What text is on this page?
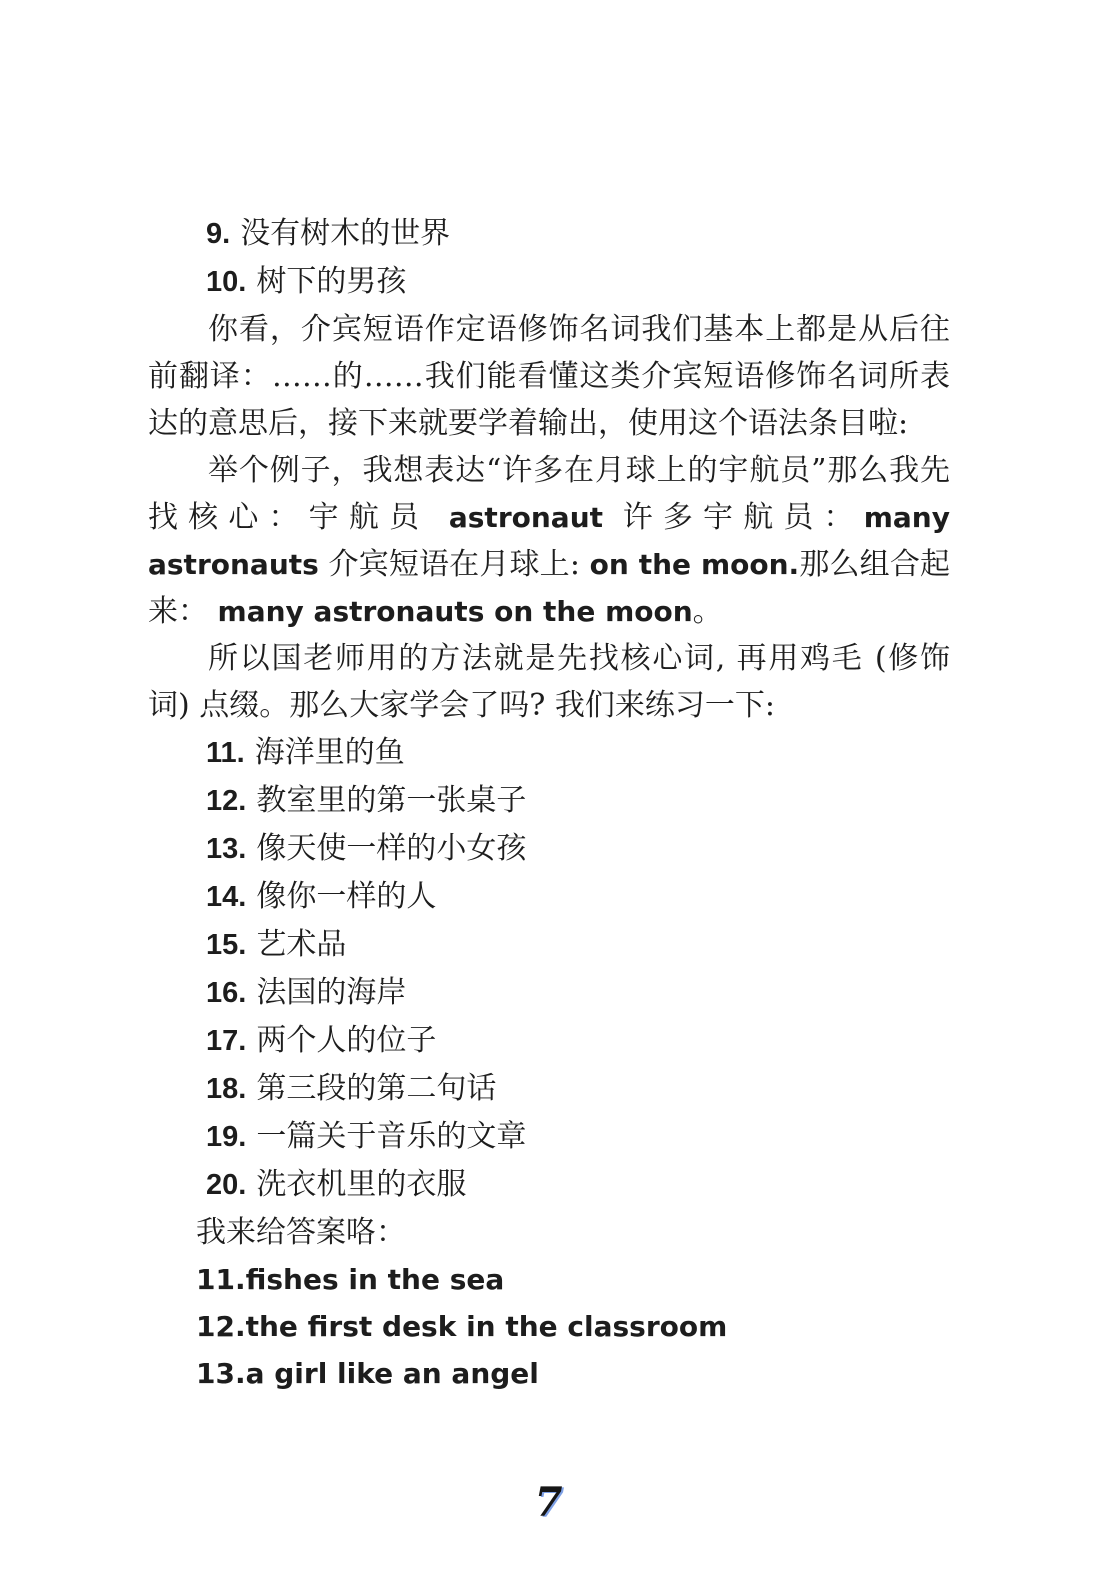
9. 没有树木的世界
10. 树下的男孩

你看，介宾短语作定语修饰名词我们基本上都是从后往前翻译：……的……我们能看懂这类介宾短语修饰名词所表达的意思后，接下来就要学着输出，使用这个语法条目啦:

举个例子，我想表达“许多在月球上的宇航员”那么我先找核心：宇航员 astronaut 许多宇航员：many astronauts 介宾短语在月球上: on the moon.那么组合起来： many astronauts on the moon。

所以国老师用的方法就是先找核心词, 再用鸡毛 (修饰词) 点缀。那么大家学会了吗? 我们来练习一下:

11. 海洋里的鱼
12. 教室里的第一张桌子
13. 像天使一样的小女孩
14. 像你一样的人
15. 艺术品
16. 法国的海岸
17. 两个人的位子
18. 第三段的第二句话
19. 一篇关于音乐的文章
20. 洗衣机里的衣服
我来给答案咯：
11.fishes in the sea
12.the first desk in the classroom
13.a girl like an angel
7
